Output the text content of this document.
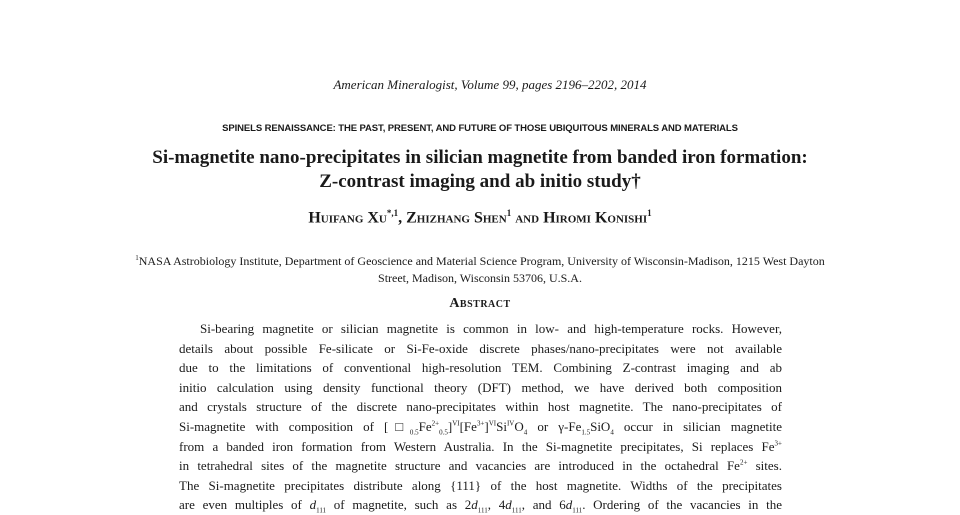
American Mineralogist, Volume 99, pages 2196–2202, 2014
SPINELS RENAISSANCE: THE PAST, PRESENT, AND FUTURE OF THOSE UBIQUITOUS MINERALS AND MATERIALS
Si-magnetite nano-precipitates in silician magnetite from banded iron formation:
Z-contrast imaging and ab initio study†
Huifang $Xu^{*,1}$, Zhizhang Shen$^1$ and Hiromi Konishi$^1$
$^1$NASA Astrobiology Institute, Department of Geoscience and Material Science Program, University of Wisconsin-Madison, 1215 West Dayton
Street, Madison, Wisconsin 53706, U.S.A.
Abstract
Si-bearing magnetite or silician magnetite is common in low- and high-temperature rocks. However,
details about possible Fe-silicate or Si-Fe-oxide discrete phases/nano-precipitates were not available
due to the limitations of conventional high-resolution TEM. Combining Z-contrast imaging and ab
initio calculation using density functional theory (DFT) method, we have derived both composition
and crystals structure of the discrete nano-precipitates within host magnetite. The nano-precipitates of
Si-magnetite with composition of $[□_{0.5}Fe^{2+}_{0.5}]^{VI}[Fe^{3+}]^{VI}Si^{IV}O_4$ or $\gamma-Fe_{1.5}SiO_4$ occur in silician magnetite
from a banded iron formation from Western Australia. In the Si-magnetite precipitates, Si replaces $Fe^{3+}$
in tetrahedral sites of the magnetite structure and vacancies are introduced in the octahedral $Fe^{2+}$ sites.
The Si-magnetite precipitates distribute along {111} of the host magnetite. Widths of the precipitates
are even multiples of $d_{111}$ of magnetite, such as $2d_{111}$, $4d_{111}$, and $6d_{111}$. Ordering of the vacancies in the
